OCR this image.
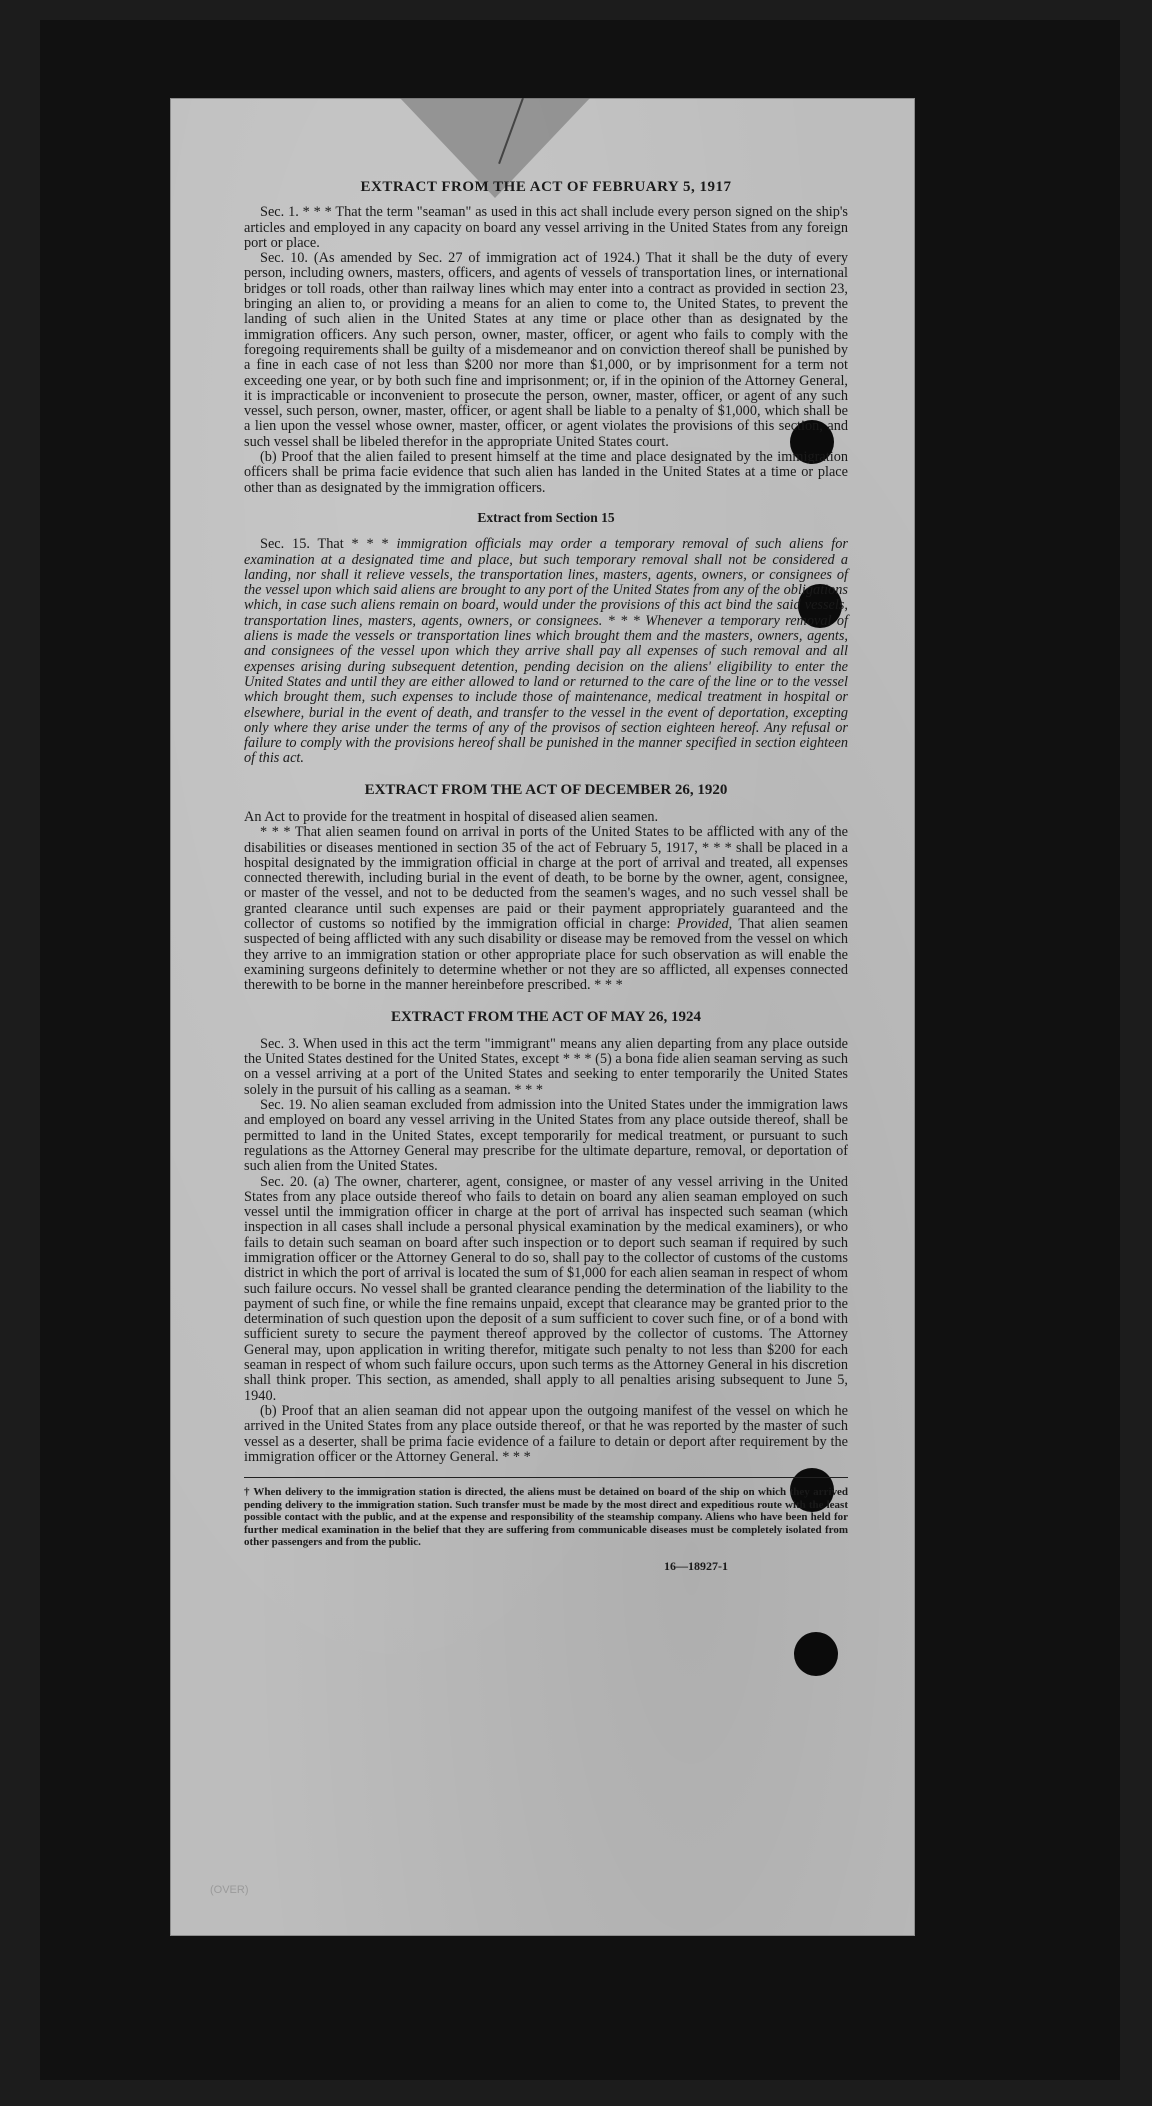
EXTRACT FROM THE ACT OF FEBRUARY 5, 1917

Sec. 1. * * * That the term "seaman" as used in this act shall include every person signed on the ship's articles and employed in any capacity on board any vessel arriving in the United States from any foreign port or place.

Sec. 10. (As amended by Sec. 27 of immigration act of 1924.) That it shall be the duty of every person, including owners, masters, officers, and agents of vessels of transportation lines, or international bridges or toll roads, other than railway lines which may enter into a contract as provided in section 23, bringing an alien to, or providing a means for an alien to come to, the United States, to prevent the landing of such alien in the United States at any time or place other than as designated by the immigration officers. Any such person, owner, master, officer, or agent who fails to comply with the foregoing requirements shall be guilty of a misdemeanor and on conviction thereof shall be punished by a fine in each case of not less than $200 nor more than $1,000, or by imprisonment for a term not exceeding one year, or by both such fine and imprisonment; or, if in the opinion of the Attorney General, it is impracticable or inconvenient to prosecute the person, owner, master, officer, or agent of any such vessel, such person, owner, master, officer, or agent shall be liable to a penalty of $1,000, which shall be a lien upon the vessel whose owner, master, officer, or agent violates the provisions of this section, and such vessel shall be libeled therefor in the appropriate United States court.

(b) Proof that the alien failed to present himself at the time and place designated by the immigration officers shall be prima facie evidence that such alien has landed in the United States at a time or place other than as designated by the immigration officers.

Extract from Section 15

Sec. 15. That * * * immigration officials may order a temporary removal of such aliens for examination at a designated time and place, but such temporary removal shall not be considered a landing, nor shall it relieve vessels, the transportation lines, masters, agents, owners, or consignees of the vessel upon which said aliens are brought to any port of the United States from any of the obligations which, in case such aliens remain on board, would under the provisions of this act bind the said vessels, transportation lines, masters, agents, owners, or consignees. * * * Whenever a temporary removal of aliens is made the vessels or transportation lines which brought them and the masters, owners, agents, and consignees of the vessel upon which they arrive shall pay all expenses of such removal and all expenses arising during subsequent detention, pending decision on the aliens' eligibility to enter the United States and until they are either allowed to land or returned to the care of the line or to the vessel which brought them, such expenses to include those of maintenance, medical treatment in hospital or elsewhere, burial in the event of death, and transfer to the vessel in the event of deportation, excepting only where they arise under the terms of any of the provisos of section eighteen hereof. Any refusal or failure to comply with the provisions hereof shall be punished in the manner specified in section eighteen of this act.

EXTRACT FROM THE ACT OF DECEMBER 26, 1920

An Act to provide for the treatment in hospital of diseased alien seamen.

* * * That alien seamen found on arrival in ports of the United States to be afflicted with any of the disabilities or diseases mentioned in section 35 of the act of February 5, 1917, * * * shall be placed in a hospital designated by the immigration official in charge at the port of arrival and treated, all expenses connected therewith, including burial in the event of death, to be borne by the owner, agent, consignee, or master of the vessel, and not to be deducted from the seamen's wages, and no such vessel shall be granted clearance until such expenses are paid or their payment appropriately guaranteed and the collector of customs so notified by the immigration official in charge: Provided, That alien seamen suspected of being afflicted with any such disability or disease may be removed from the vessel on which they arrive to an immigration station or other appropriate place for such observation as will enable the examining surgeons definitely to determine whether or not they are so afflicted, all expenses connected therewith to be borne in the manner hereinbefore prescribed. * * *

EXTRACT FROM THE ACT OF MAY 26, 1924

Sec. 3. When used in this act the term "immigrant" means any alien departing from any place outside the United States destined for the United States, except * * * (5) a bona fide alien seaman serving as such on a vessel arriving at a port of the United States and seeking to enter temporarily the United States solely in the pursuit of his calling as a seaman. * * *

Sec. 19. No alien seaman excluded from admission into the United States under the immigration laws and employed on board any vessel arriving in the United States from any place outside thereof, shall be permitted to land in the United States, except temporarily for medical treatment, or pursuant to such regulations as the Attorney General may prescribe for the ultimate departure, removal, or deportation of such alien from the United States.

Sec. 20. (a) The owner, charterer, agent, consignee, or master of any vessel arriving in the United States from any place outside thereof who fails to detain on board any alien seaman employed on such vessel until the immigration officer in charge at the port of arrival has inspected such seaman (which inspection in all cases shall include a personal physical examination by the medical examiners), or who fails to detain such seaman on board after such inspection or to deport such seaman if required by such immigration officer or the Attorney General to do so, shall pay to the collector of customs of the customs district in which the port of arrival is located the sum of $1,000 for each alien seaman in respect of whom such failure occurs. No vessel shall be granted clearance pending the determination of the liability to the payment of such fine, or while the fine remains unpaid, except that clearance may be granted prior to the determination of such question upon the deposit of a sum sufficient to cover such fine, or of a bond with sufficient surety to secure the payment thereof approved by the collector of customs. The Attorney General may, upon application in writing therefor, mitigate such penalty to not less than $200 for each seaman in respect of whom such failure occurs, upon such terms as the Attorney General in his discretion shall think proper. This section, as amended, shall apply to all penalties arising subsequent to June 5, 1940.

(b) Proof that an alien seaman did not appear upon the outgoing manifest of the vessel on which he arrived in the United States from any place outside thereof, or that he was reported by the master of such vessel as a deserter, shall be prima facie evidence of a failure to detain or deport after requirement by the immigration officer or the Attorney General. * * *

† When delivery to the immigration station is directed, the aliens must be detained on board of the ship on which they arrived pending delivery to the immigration station. Such transfer must be made by the most direct and expeditious route with the least possible contact with the public, and at the expense and responsibility of the steamship company. Aliens who have been held for further medical examination in the belief that they are suffering from communicable diseases must be completely isolated from other passengers and from the public.
16—18927-1
(OVER)
